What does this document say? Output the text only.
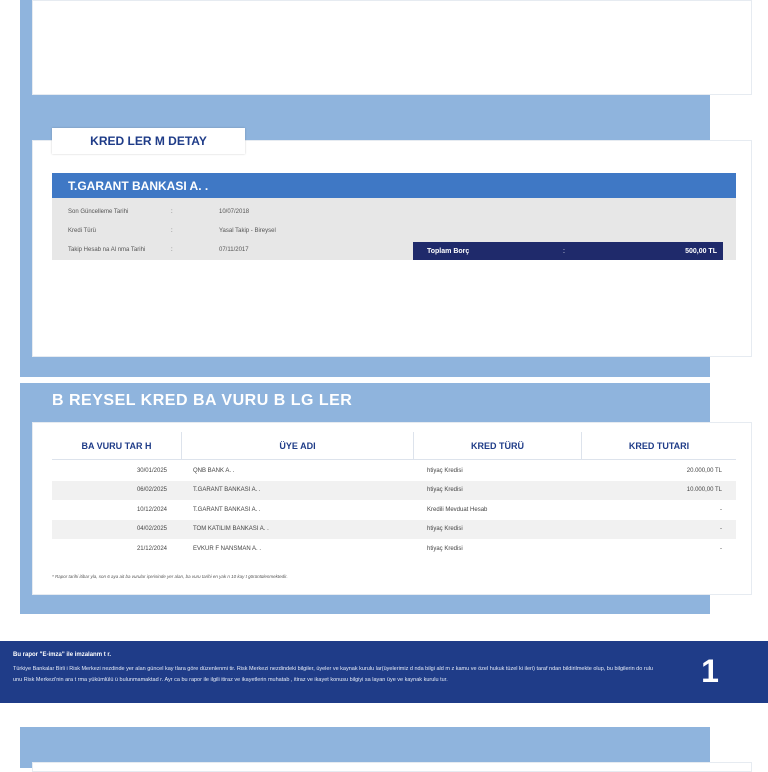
KRED LER M DETAY
T.GARANT BANKASI A. .
Son Güncelleme Tarihi	:	10/07/2018
Kredi Türü	:	Yasal Takip - Bireysel
Takip Hesab na Al nma Tarihi	:	07/11/2017	Toplam Borç	:	500,00 TL
B REYSEL KRED BA VURU B LG LER
BA VURU TAR H	ÜYE ADI	KRED TÜRÜ	KRED TUTARI
30/01/2025	QNB BANK A. .	htiyaç Kredisi	20.000,00 TL
06/02/2025	T.GARANT BANKASI A. .	htiyaç Kredisi	10.000,00 TL
10/12/2024	T.GARANT BANKASI A. .	Kredili Mevduat Hesab	-
04/02/2025	TOM KATILIM BANKASI A. .	htiyaç Kredisi	-
21/12/2024	EVKUR F NANSMAN A. .	htiyaç Kredisi	-
* Rapor tarihi itibar yla, son 6 aya ait ba vurular içerisinde yer alan, ba vuru tarihi en yak n 10 kay t görüntülenmektedir.
Bu rapor "E-imza" ile imzalanm t r.
Türkiye Bankalar Birli i Risk Merkezi nezdinde yer alan güncel kay tlara göre düzenlenmi tir. Risk Merkezi nezdindeki bilgiler, üyeler ve kaynak kurulu lar(üyelerimiz d nda bilgi ald m z kamu ve özel hukuk tüzel ki ileri) taraf ndan bildirilmekte olup, bu bilgilerin do rulu unu Risk Merkezi'nin ara t rma yükümlülü ü bulunmamaktad r. Ayr ca bu rapor ile ilgili itiraz ve ikayetlerin muhatab , itiraz ve ikayet konusu bilgiyi sa layan üye ve kaynak kurulu tur.	1
